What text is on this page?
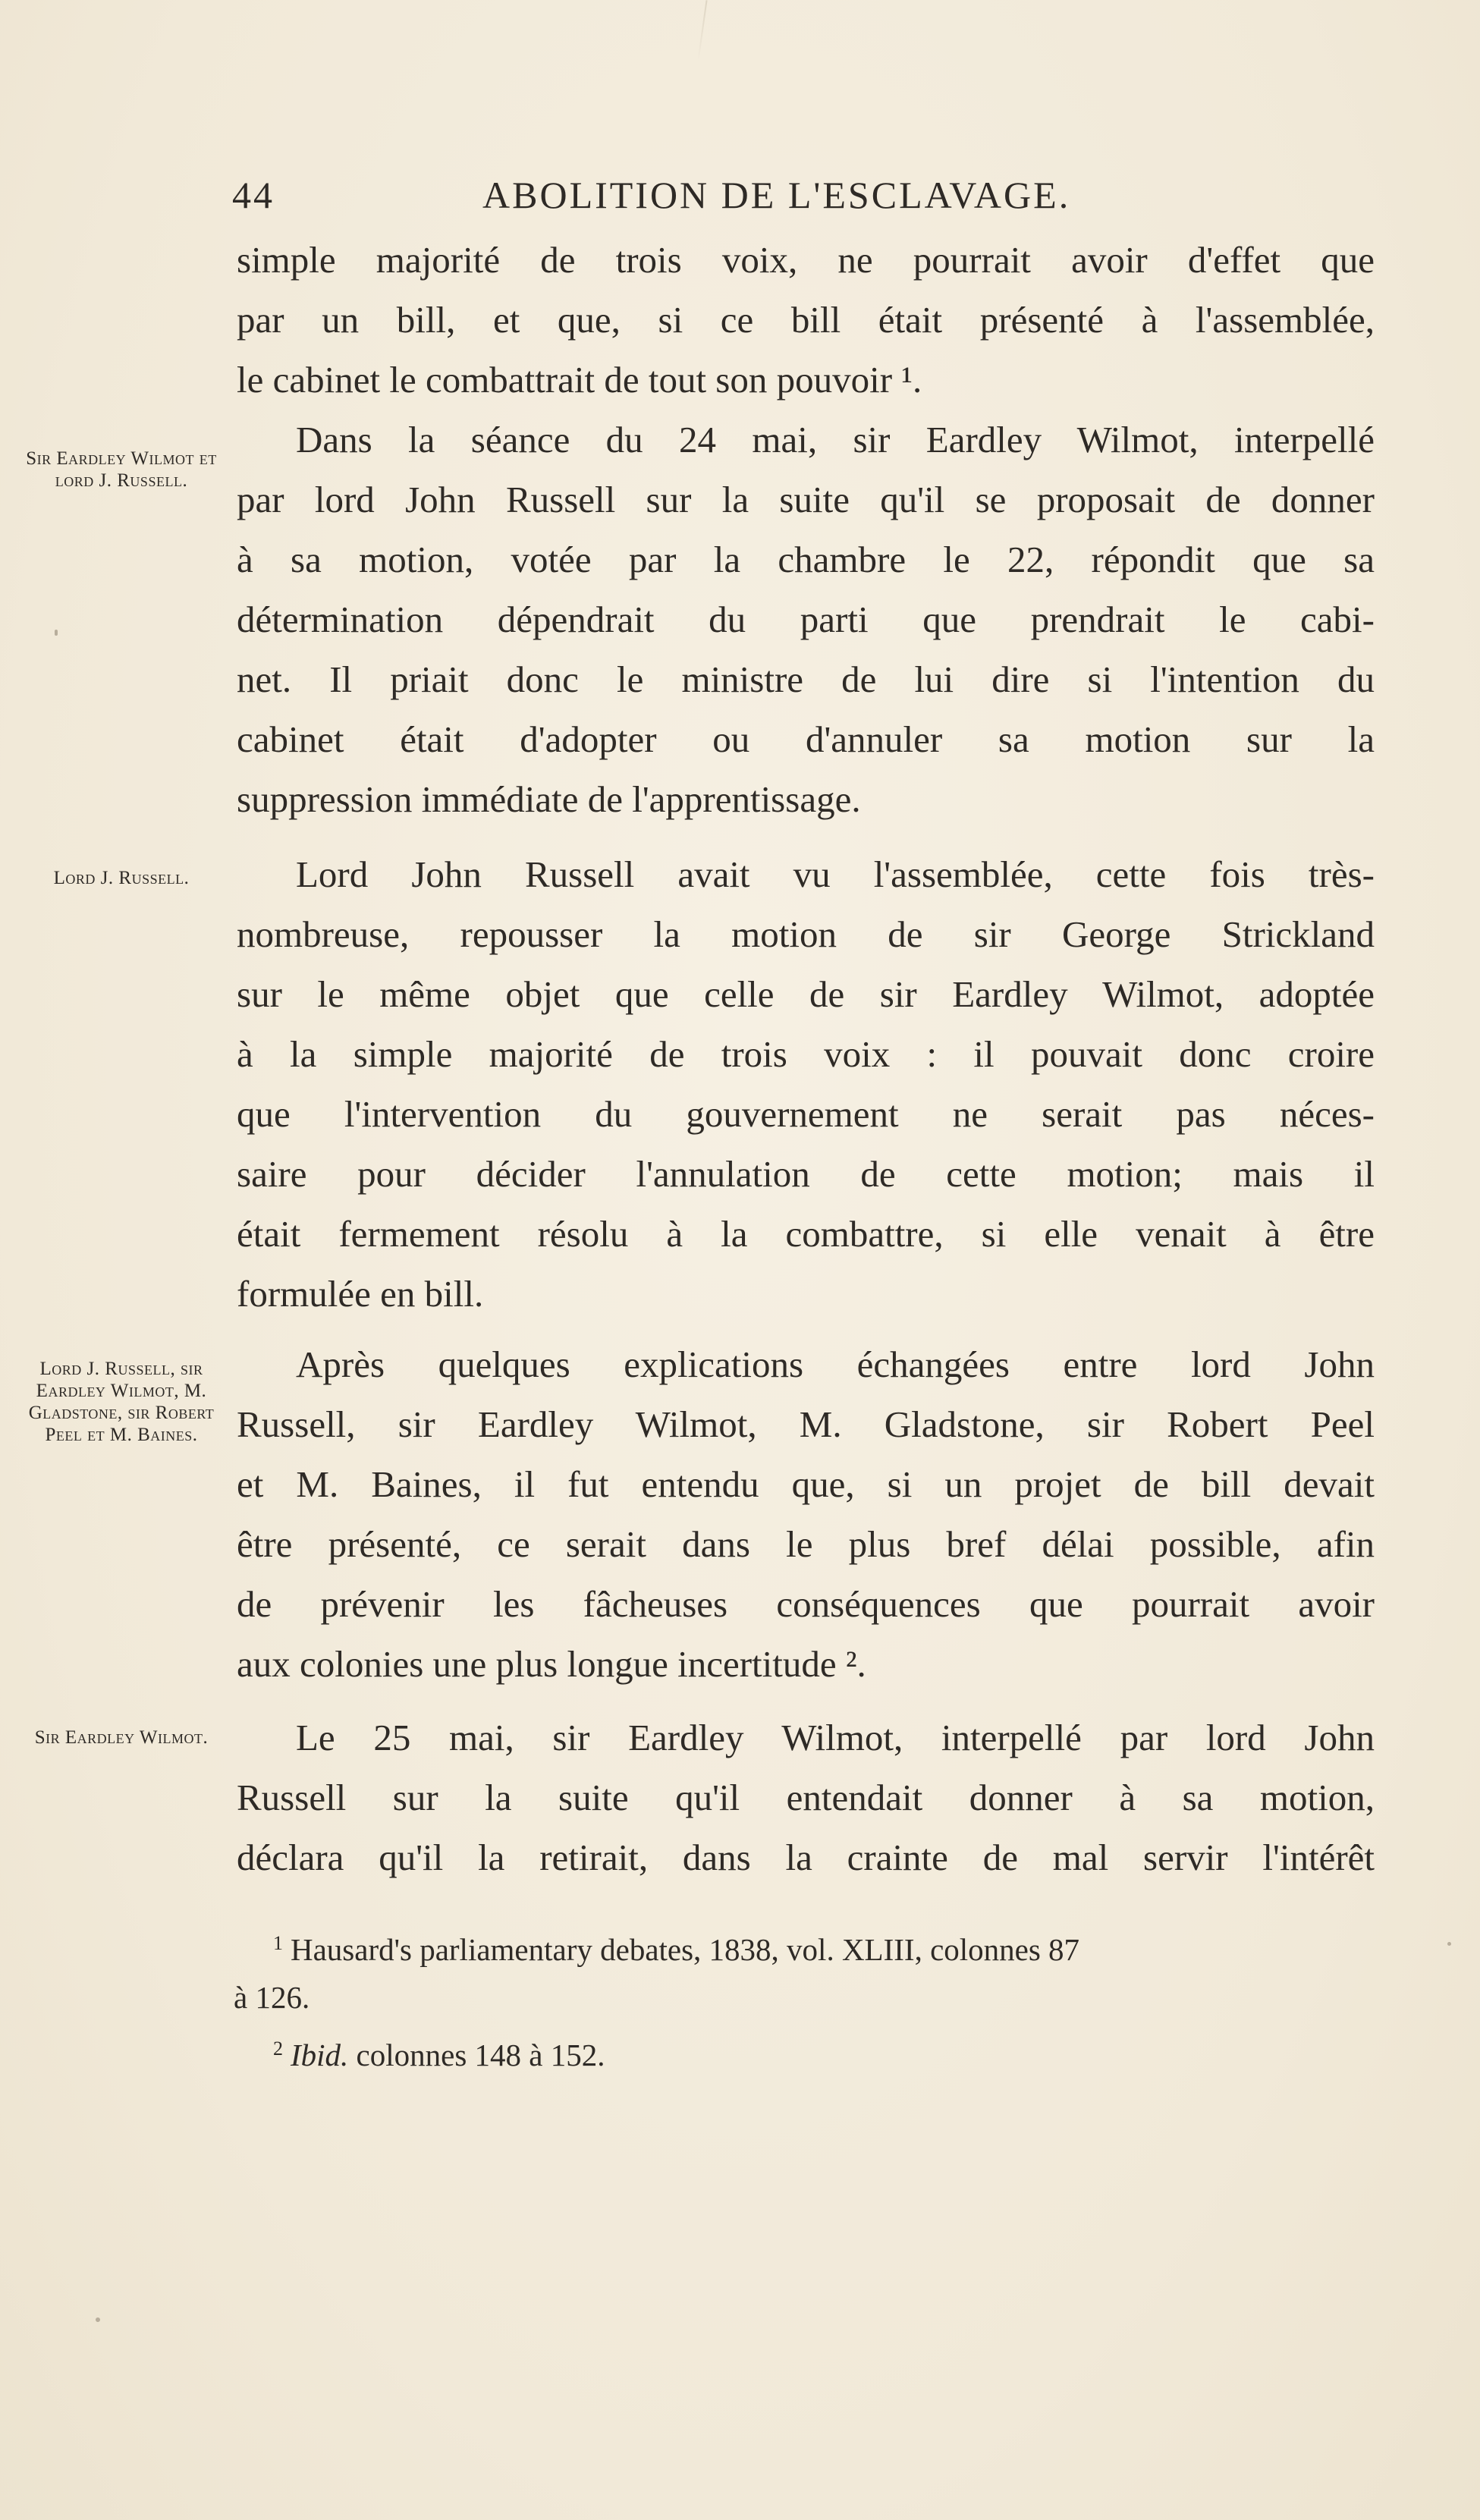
44	ABOLITION DE L'ESCLAVAGE.
Sir Eardley Wilmot et lord J. Russell.
Lord J. Russell.
Lord J. Russell, sir Eardley Wilmot, M. Gladstone, sir Robert Peel et M. Baines.
Sir Eardley Wilmot.
simple majorité de trois voix, ne pourrait avoir d'effet que
par un bill, et que, si ce bill était présenté à l'assemblée,
le cabinet le combattrait de tout son pouvoir ¹.
Dans la séance du 24 mai, sir Eardley Wilmot, interpellé
par lord John Russell sur la suite qu'il se proposait de donner
à sa motion, votée par la chambre le 22, répondit que sa
détermination dépendrait du parti que prendrait le cabi-
net. Il priait donc le ministre de lui dire si l'intention du
cabinet était d'adopter ou d'annuler sa motion sur la
suppression immédiate de l'apprentissage.
Lord John Russell avait vu l'assemblée, cette fois très-
nombreuse, repousser la motion de sir George Strickland
sur le même objet que celle de sir Eardley Wilmot, adoptée
à la simple majorité de trois voix : il pouvait donc croire
que l'intervention du gouvernement ne serait pas néces-
saire pour décider l'annulation de cette motion; mais il
était fermement résolu à la combattre, si elle venait à être
formulée en bill.
Après quelques explications échangées entre lord John
Russell, sir Eardley Wilmot, M. Gladstone, sir Robert Peel
et M. Baines, il fut entendu que, si un projet de bill devait
être présenté, ce serait dans le plus bref délai possible, afin
de prévenir les fâcheuses conséquences que pourrait avoir
aux colonies une plus longue incertitude ².
Le 25 mai, sir Eardley Wilmot, interpellé par lord John
Russell sur la suite qu'il entendait donner à sa motion,
déclara qu'il la retirait, dans la crainte de mal servir l'intérêt
$^1$ Hausard's parliamentary debates, 1838, vol. XLIII, colonnes 87
à 126.
$^2$ Ibid. colonnes 148 à 152.
